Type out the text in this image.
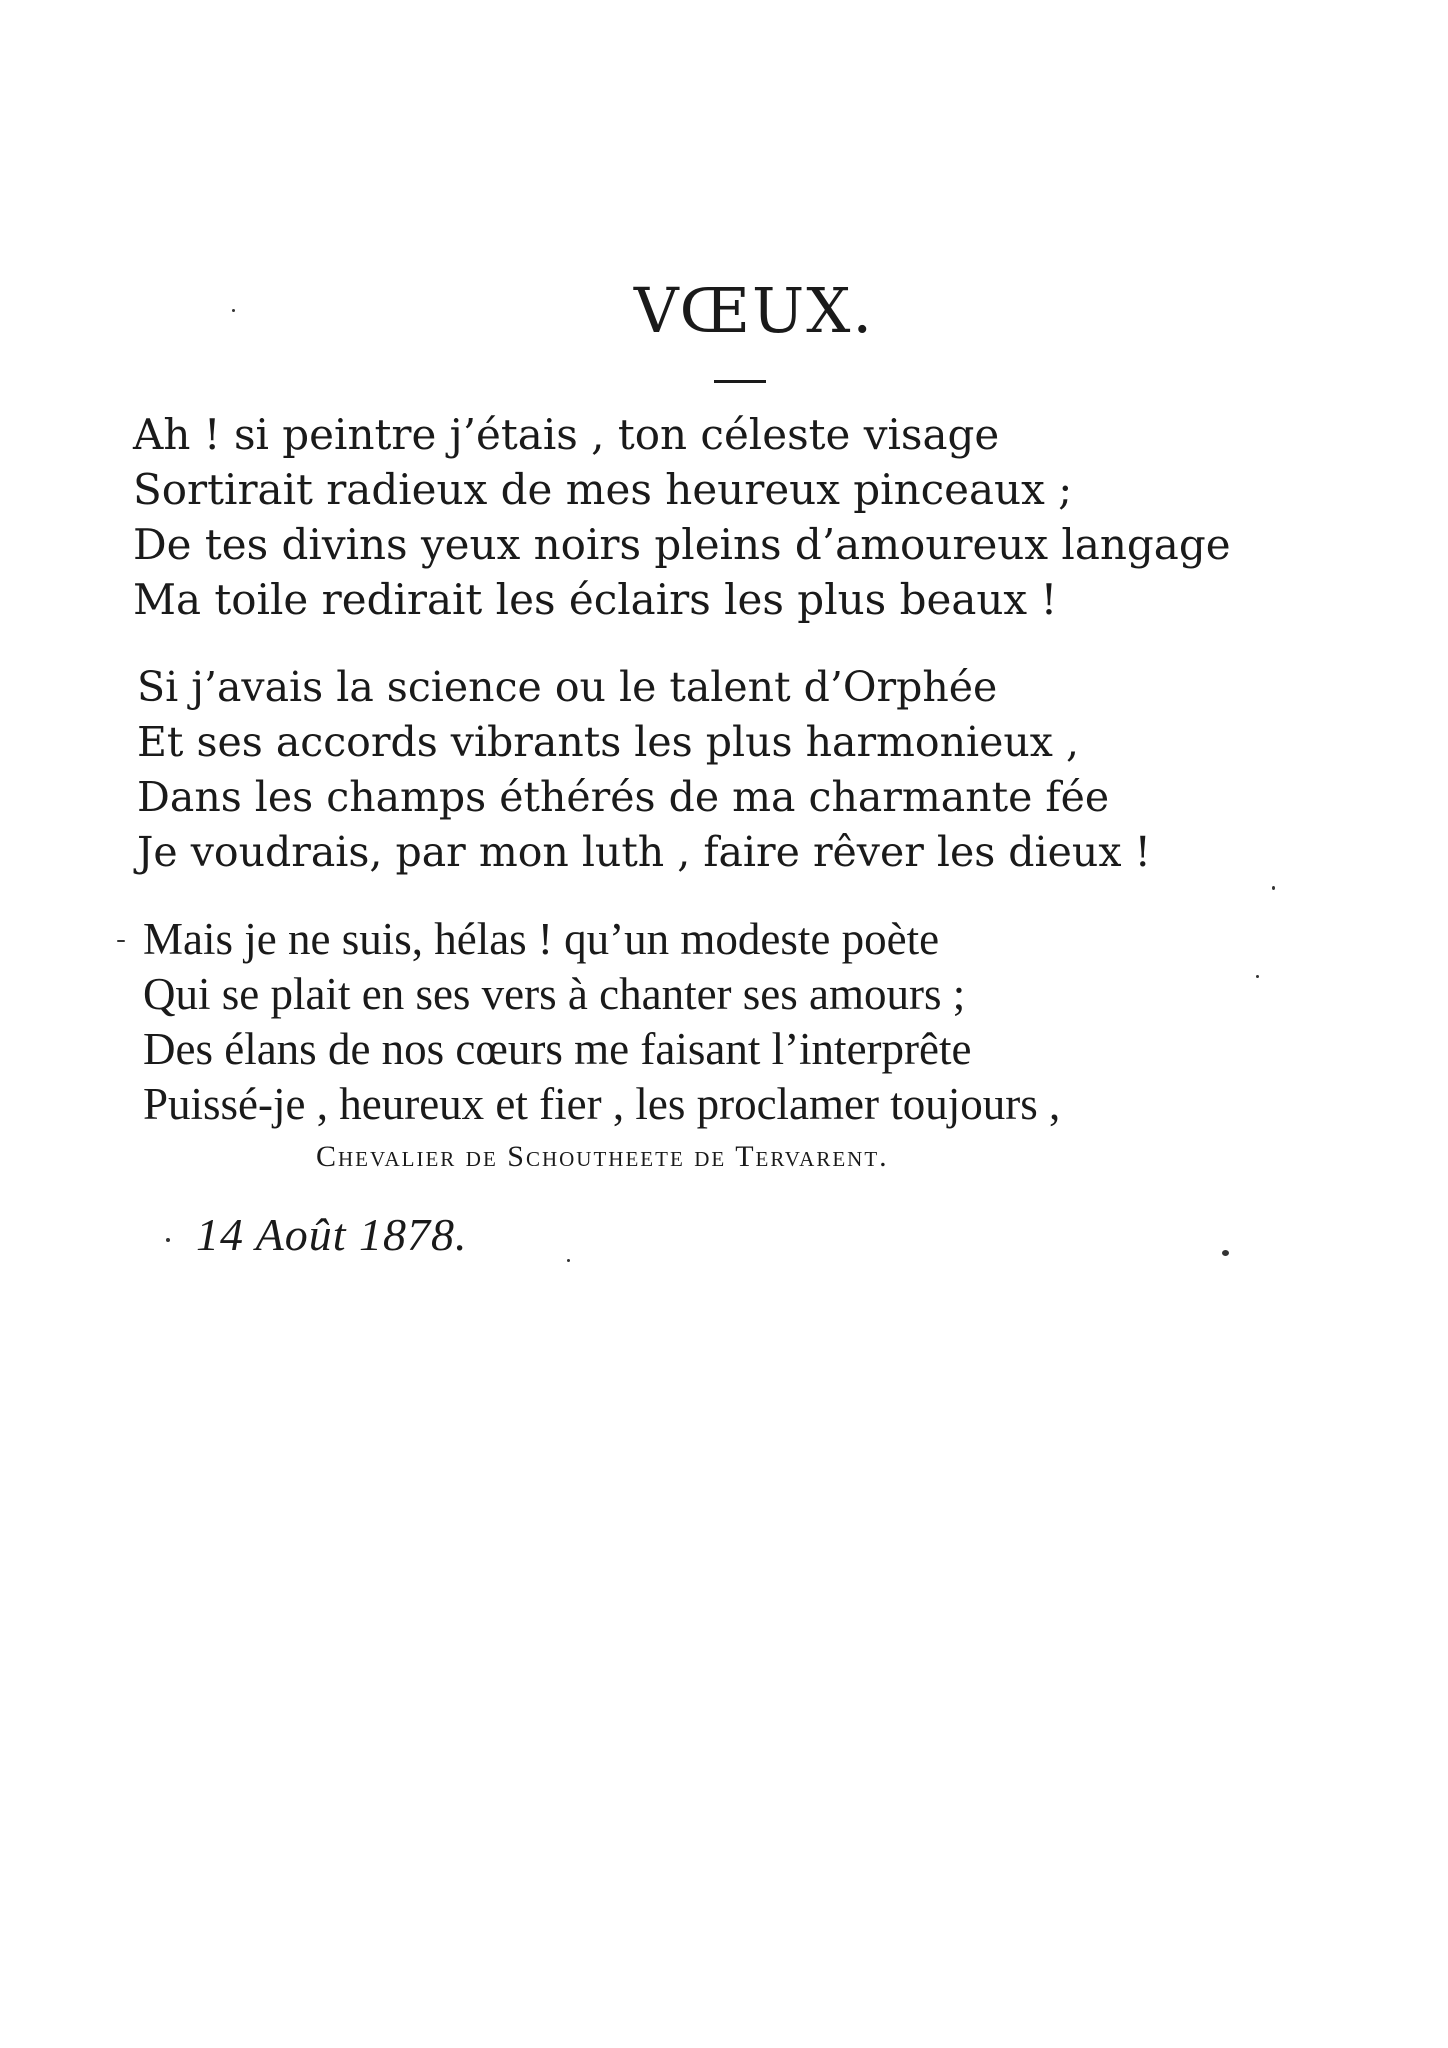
VŒUX.
Ah ! si peintre j’étais , ton céleste visage
Sortirait radieux de mes heureux pinceaux ;
De tes divins yeux noirs pleins d’amoureux langage
Ma toile redirait les éclairs les plus beaux !
Si j’avais la science ou le talent d’Orphée
Et ses accords vibrants les plus harmonieux ,
Dans les champs éthérés de ma charmante fée
Je voudrais, par mon luth , faire rêver les dieux !
Mais je ne suis, hélas ! qu’un modeste poète
Qui se plait en ses vers à chanter ses amours ;
Des élans de nos cœurs me faisant l’interprête
Puissé-je , heureux et fier , les proclamer toujours ,
Chevalier de Schoutheete de Tervarent.
14 Août 1878.
